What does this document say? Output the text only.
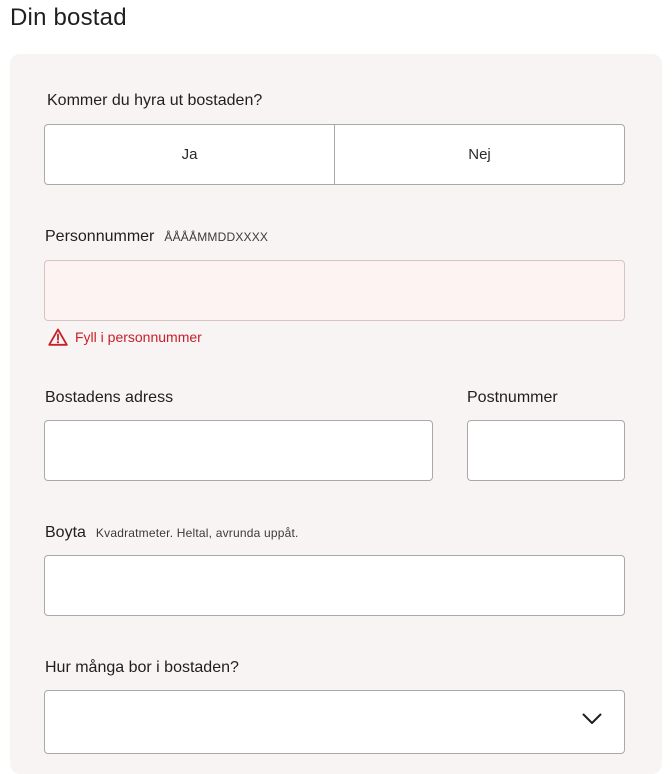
Din bostad
Kommer du hyra ut bostaden?
Ja	Nej
Personnummer ÅÅÅÅMMDDXXXX
Fyll i personnummer
Bostadens adress	Postnummer
Boyta Kvadratmeter. Heltal, avrunda uppåt.
Hur många bor i bostaden?
